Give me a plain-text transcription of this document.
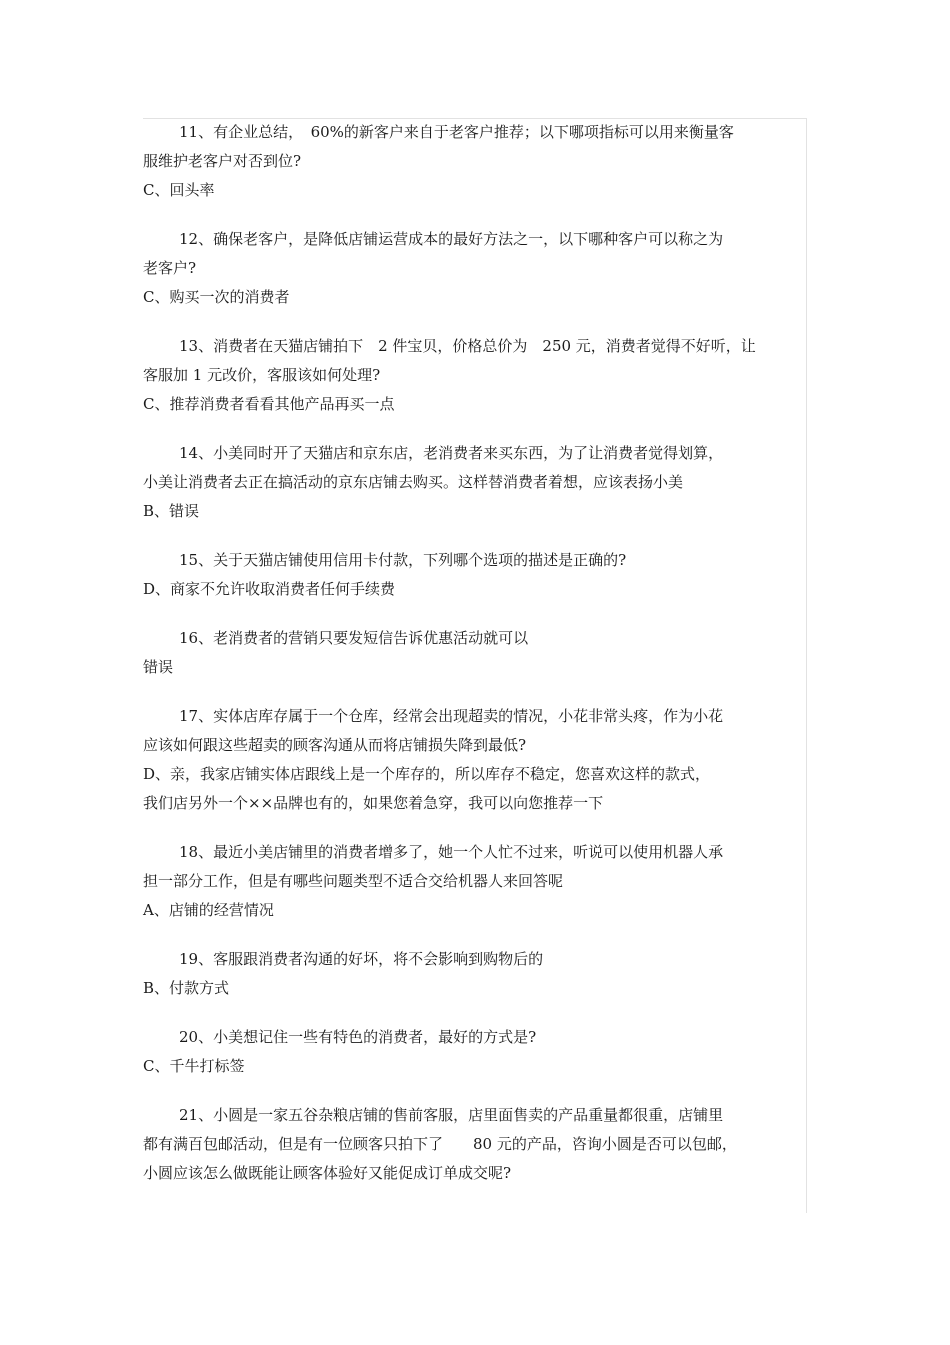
11、有企业总结，　60%的新客户来自于老客户推荐；以下哪项指标可以用来衡量客
服维护老客户对否到位?
C、回头率
12、确保老客户，是降低店铺运营成本的最好方法之一，以下哪种客户可以称之为
老客户?
C、购买一次的消费者
13、消费者在天猫店铺拍下　2 件宝贝，价格总价为　250 元，消费者觉得不好听，让
客服加 1 元改价，客服该如何处理?
C、推荐消费者看看其他产品再买一点
14、小美同时开了天猫店和京东店，老消费者来买东西，为了让消费者觉得划算，
小美让消费者去正在搞活动的京东店铺去购买。这样替消费者着想，应该表扬小美
B、错误
15、关于天猫店铺使用信用卡付款，下列哪个选项的描述是正确的?
D、商家不允许收取消费者任何手续费
16、老消费者的营销只要发短信告诉优惠活动就可以
错误
17、实体店库存属于一个仓库，经常会出现超卖的情况，小花非常头疼，作为小花
应该如何跟这些超卖的顾客沟通从而将店铺损失降到最低?
D、亲，我家店铺实体店跟线上是一个库存的，所以库存不稳定，您喜欢这样的款式，
我们店另外一个××品牌也有的，如果您着急穿，我可以向您推荐一下
18、最近小美店铺里的消费者增多了，她一个人忙不过来，听说可以使用机器人承
担一部分工作，但是有哪些问题类型不适合交给机器人来回答呢
A、店铺的经营情况
19、客服跟消费者沟通的好坏，将不会影响到购物后的
B、付款方式
20、小美想记住一些有特色的消费者，最好的方式是?
C、千牛打标签
21、小圆是一家五谷杂粮店铺的售前客服，店里面售卖的产品重量都很重，店铺里
都有满百包邮活动，但是有一位顾客只拍下了　　80 元的产品，咨询小圆是否可以包邮，
小圆应该怎么做既能让顾客体验好又能促成订单成交呢?
